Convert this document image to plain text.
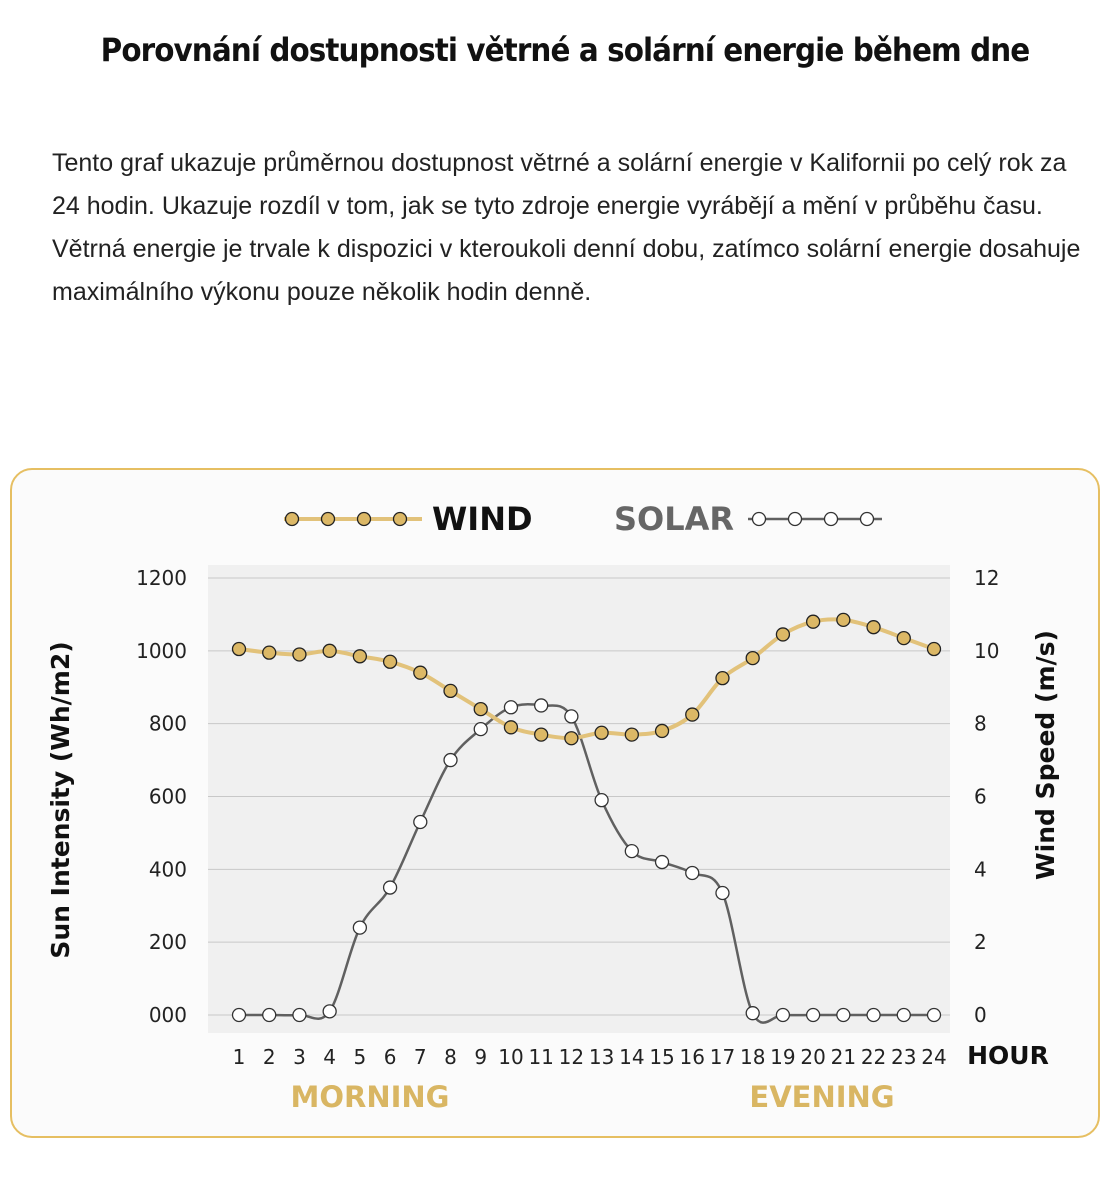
Porovnání dostupnosti větrné a solární energie během dne

Tento graf ukazuje průměrnou dostupnost větrné a solární energie v Kalifornii po celý rok za 24 hodin. Ukazuje rozdíl v tom, jak se tyto zdroje energie vyrábějí a mění v průběhu času. Větrná energie je trvale k dispozici v kteroukoli denní dobu, zatímco solární energie dosahuje maximálního výkonu pouze několik hodin denně.

WIND	SOLAR
000	0
200	2
400	4
600	6
800	8
1000	10
1200	12
1 2 3 4 5 6 7 8 9 10 11 12 13 14 15 16 17 18 19 20 21 22 23 24 HOUR
Sun Intensity (Wh/m2)	Wind Speed (m/s)
MORNING	EVENING
